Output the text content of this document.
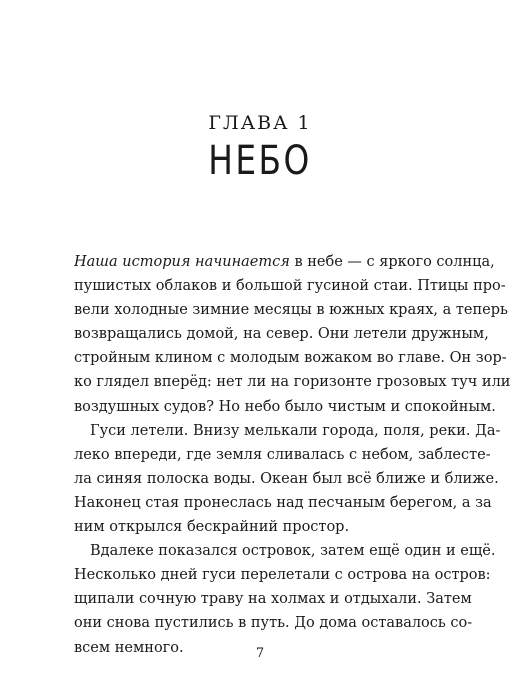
ГЛАВА 1
НЕБО
Наша история начинается в небе — с яркого солнца,
пушистых облаков и большой гусиной стаи. Птицы про-
вели холодные зимние месяцы в южных краях, а теперь
возвращались домой, на север. Они летели дружным,
стройным клином с молодым вожаком во главе. Он зор-
ко глядел вперёд: нет ли на горизонте грозовых туч или
воздушных судов? Но небо было чистым и спокойным.
Гуси летели. Внизу мелькали города, поля, реки. Да-
леко впереди, где земля сливалась с небом, заблесте-
ла синяя полоска воды. Океан был всё ближе и ближе.
Наконец стая пронеслась над песчаным берегом, а за
ним открылся бескрайний простор.
Вдалеке показался островок, затем ещё один и ещё.
Несколько дней гуси перелетали с острова на остров:
щипали сочную траву на холмах и отдыхали. Затем
они снова пустились в путь. До дома оставалось со-
всем немного.	7
